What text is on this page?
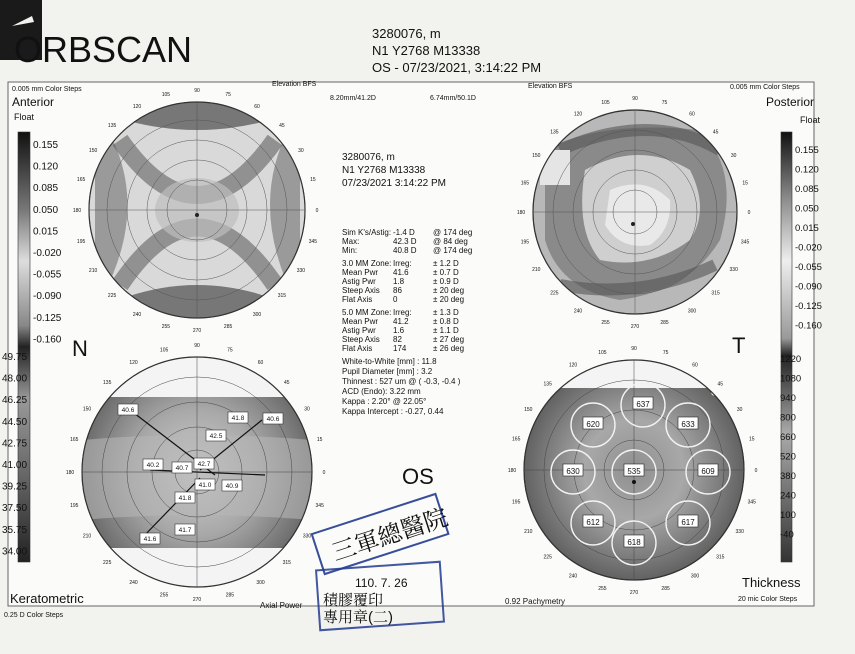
ORBSCAN	3280076, m
N1 Y2768 M13338
OS - 07/23/2021, 3:14:22 PM
0.005 mm Color Steps
Anterior
Float
Elevation BFS
8.20mm/41.2D	6.74mm/50.1D
Elevation BFS	0.005 mm Color Steps
Posterior
Float
Keratometric
0.25 D Color Steps
Axial Power	0.92 Pachymetry
Thickness
20 mic Color Steps
N	T
OS
0.155
0.120
0.085
0.050
0.015
-0.020
-0.055
-0.090
-0.125
-0.160
49.75
48.00
46.25
44.50
42.75
41.00
39.25
37.50
35.75
34.00
0.155
0.120
0.085
0.050
0.015
-0.020
-0.055
-0.090
-0.125
-0.160
1220
1080
940
800
660
520
380
240
100
-40
40.6
41.8	40.6
42.5
40.2	40.7
42.7
41.0 40.9
41.8
41.7
41.6
637
633
620
535
630	609
612	617
618
105
90
75
120	60
135	45
150	30
165	15
180	0
195	345
210	330
225	315
240
255
270
285
300
105
90
75
120	60
135	45
150	30
165	15
180	0
195	345
210	330
225	315
240
255
270
285
300
105
90
75
120	60
135	45
150	30
165	15
180	0
195	345
210	330
225	315
240
255
270
285
300
105
90
75
120	60
135	45
150	30
165	15
180	0
195	345
210	330
225	315
240
255
270
285
300
3280076, m
N1 Y2768 M13338
07/23/2021 3:14:22 PM
Sim K's/Astig: -1.4 D @ 174 deg
Max:	42.3 D @ 84 deg
Min:	40.8 D @ 174 deg
3.0 MM Zone: Irreg:	± 1.2 D
Mean Pwr 41.6	± 0.7 D
Astig Pwr 1.8	± 0.9 D
Steep Axis 86	± 20 deg
Flat Axis	0	± 20 deg
5.0 MM Zone: Irreg:	± 1.3 D
Mean Pwr 41.2	± 0.8 D
Astig Pwr 1.6	± 1.1 D
Steep Axis 82	± 27 deg
Flat Axis	174	± 26 deg
White-to-White [mm] : 11.8
Pupil Diameter [mm] : 3.2
Thinnest : 527 um @ ( -0.3, -0.4 )
ACD (Endo): 3.22 mm
Kappa : 2.20° @ 22.05°
Kappa Intercept : -0.27, 0.44
三軍總醫院
110. 7. 26
積膠覆印
專用章(二)
